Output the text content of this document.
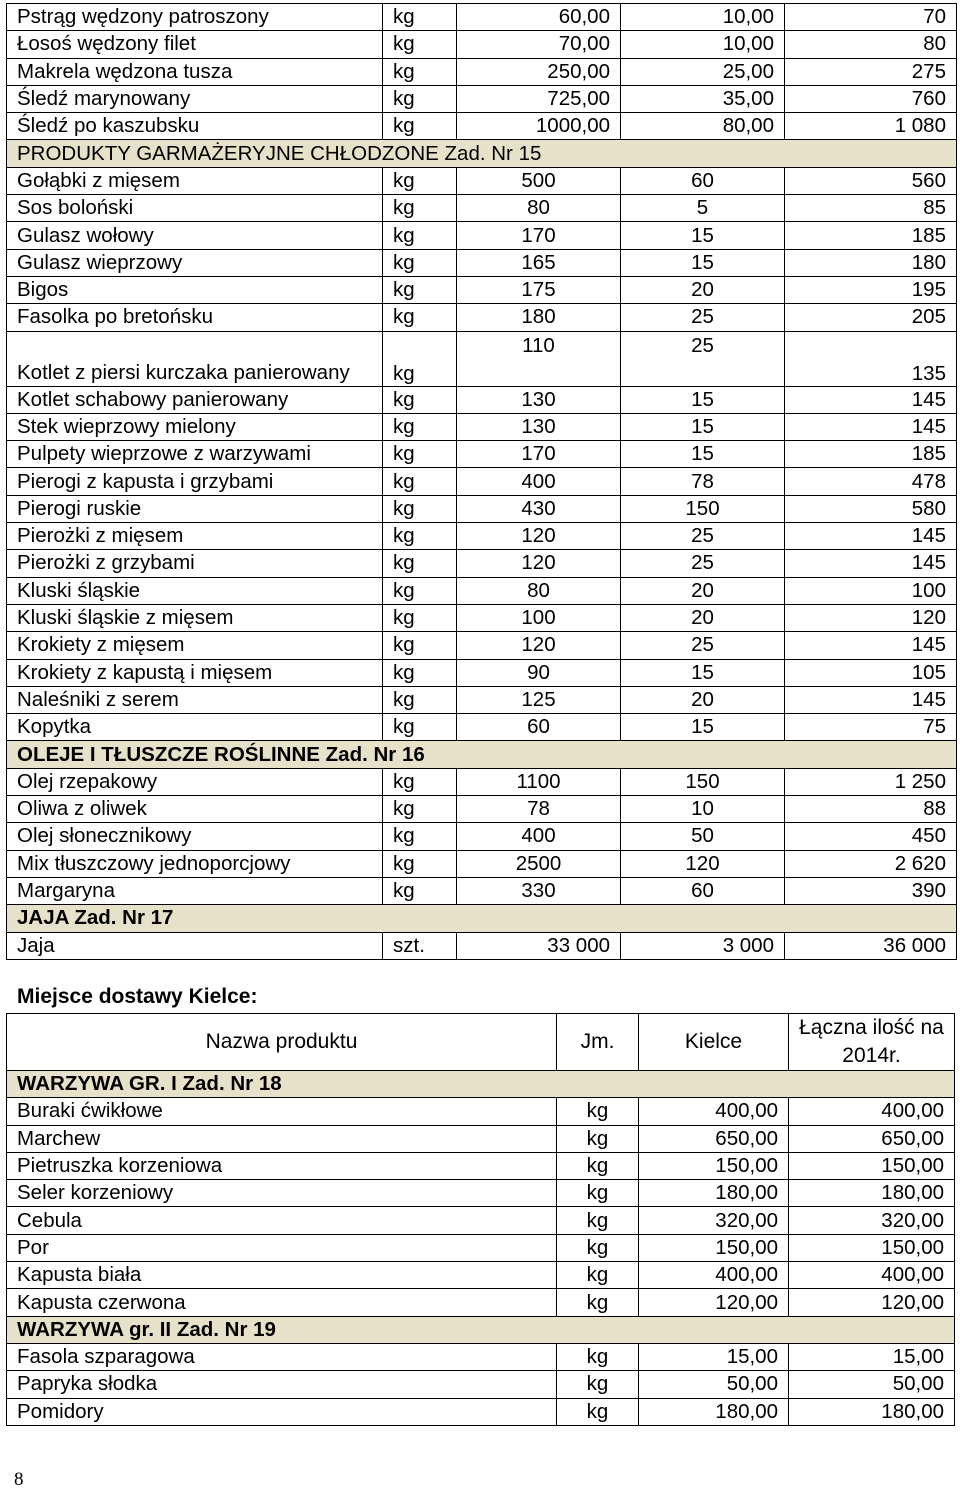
Pstrąg wędzony patroszony	kg	60,00	10,00	70
Łosoś wędzony filet	kg	70,00	10,00	80
Makrela wędzona tusza	kg	250,00	25,00	275
Śledź marynowany	kg	725,00	35,00	760
Śledź po kaszubsku	kg	1000,00	80,00	1 080
PRODUKTY GARMAŻERYJNE CHŁODZONE Zad. Nr 15				
Gołąbki z mięsem	kg	500	60	560
Sos boloński	kg	80	5	85
Gulasz wołowy	kg	170	15	185
Gulasz wieprzowy	kg	165	15	180
Bigos	kg	175	20	195
Fasolka po bretońsku	kg	180	25	205
Kotlet z piersi kurczaka panierowany	kg	110	25	135
Kotlet schabowy panierowany	kg	130	15	145
Stek wieprzowy mielony	kg	130	15	145
Pulpety wieprzowe z warzywami	kg	170	15	185
Pierogi z kapusta i grzybami	kg	400	78	478
Pierogi ruskie	kg	430	150	580
Pierożki z mięsem	kg	120	25	145
Pierożki z grzybami	kg	120	25	145
Kluski śląskie	kg	80	20	100
Kluski śląskie z mięsem	kg	100	20	120
Krokiety z mięsem	kg	120	25	145
Krokiety z kapustą i mięsem	kg	90	15	105
Naleśniki z serem	kg	125	20	145
Kopytka	kg	60	15	75
OLEJE I TŁUSZCZE ROŚLINNE Zad. Nr 16				
Olej rzepakowy	kg	1100	150	1 250
Oliwa z oliwek	kg	78	10	88
Olej słonecznikowy	kg	400	50	450
Mix tłuszczowy jednoporcjowy	kg	2500	120	2 620
Margaryna	kg	330	60	390
JAJA Zad. Nr 17				
Jaja	szt.	33 000	3 000	36 000
Miejsce dostawy Kielce:
Nazwa produktu	Jm.	Kielce	Łączna ilość na 2014r.
WARZYWA GR. I Zad. Nr 18			
Buraki ćwikłowe	kg	400,00	400,00
Marchew	kg	650,00	650,00
Pietruszka korzeniowa	kg	150,00	150,00
Seler korzeniowy	kg	180,00	180,00
Cebula	kg	320,00	320,00
Por	kg	150,00	150,00
Kapusta biała	kg	400,00	400,00
Kapusta czerwona	kg	120,00	120,00
WARZYWA gr. II Zad. Nr 19			
Fasola szparagowa	kg	15,00	15,00
Papryka słodka	kg	50,00	50,00
Pomidory	kg	180,00	180,00
8
